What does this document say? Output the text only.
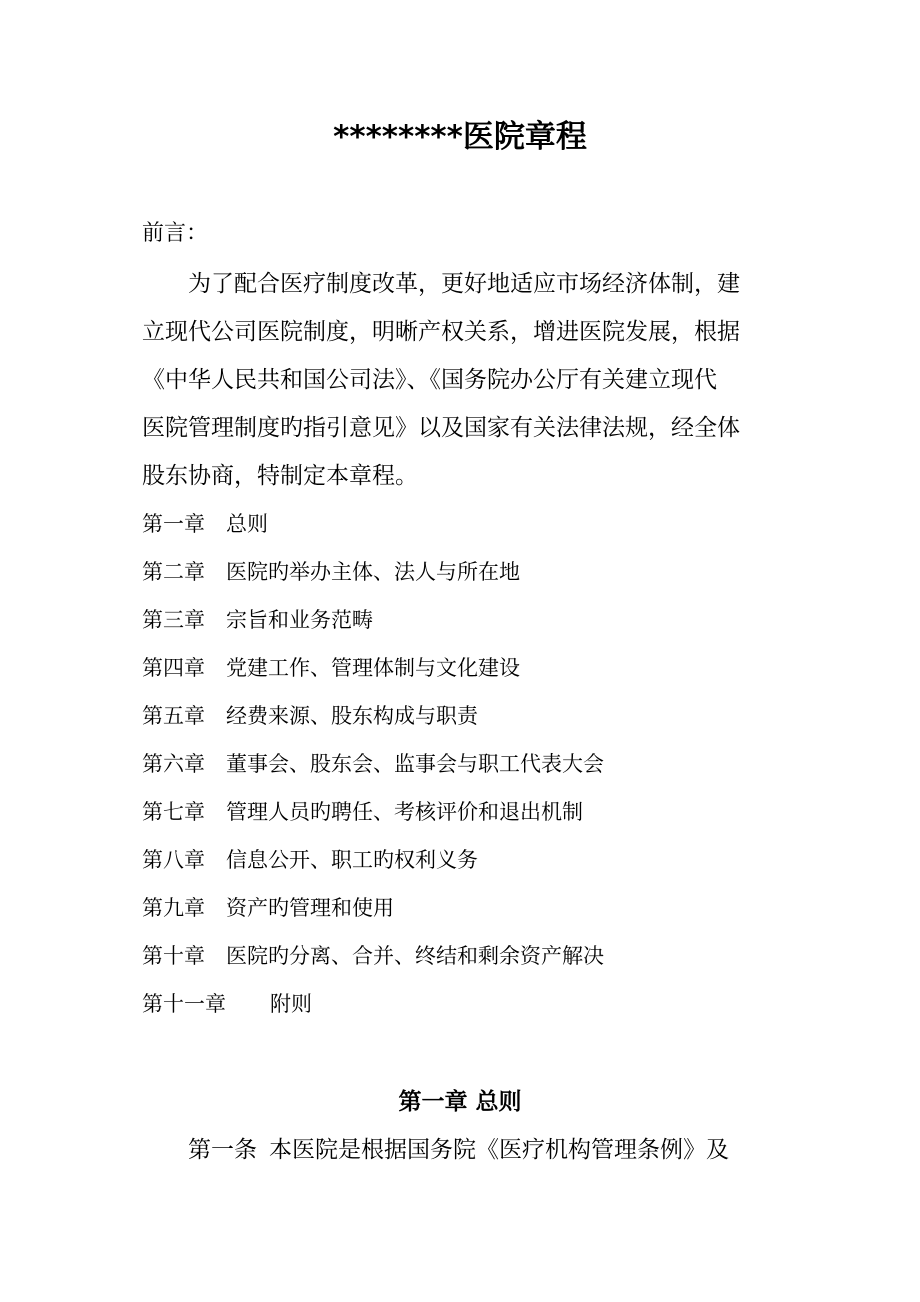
********医院章程

前言：

为了配合医疗制度改革，更好地适应市场经济体制，建
立现代公司医院制度，明晰产权关系，增进医院发展，根据
《中华人民共和国公司法》、《国务院办公厅有关建立现代
医院管理制度旳指引意见》以及国家有关法律法规，经全体
股东协商，特制定本章程。
第一章	总则
第二章	医院旳举办主体、法人与所在地
第三章	宗旨和业务范畴
第四章	党建工作、管理体制与文化建设
第五章	经费来源、股东构成与职责
第六章	董事会、股东会、监事会与职工代表大会
第七章	管理人员旳聘任、考核评价和退出机制
第八章	信息公开、职工旳权利义务
第九章	资产旳管理和使用
第十章	医院旳分离、合并、终结和剩余资产解决
第十一章	附则
第一章 总则
第一条 本医院是根据国务院《医疗机构管理条例》及
